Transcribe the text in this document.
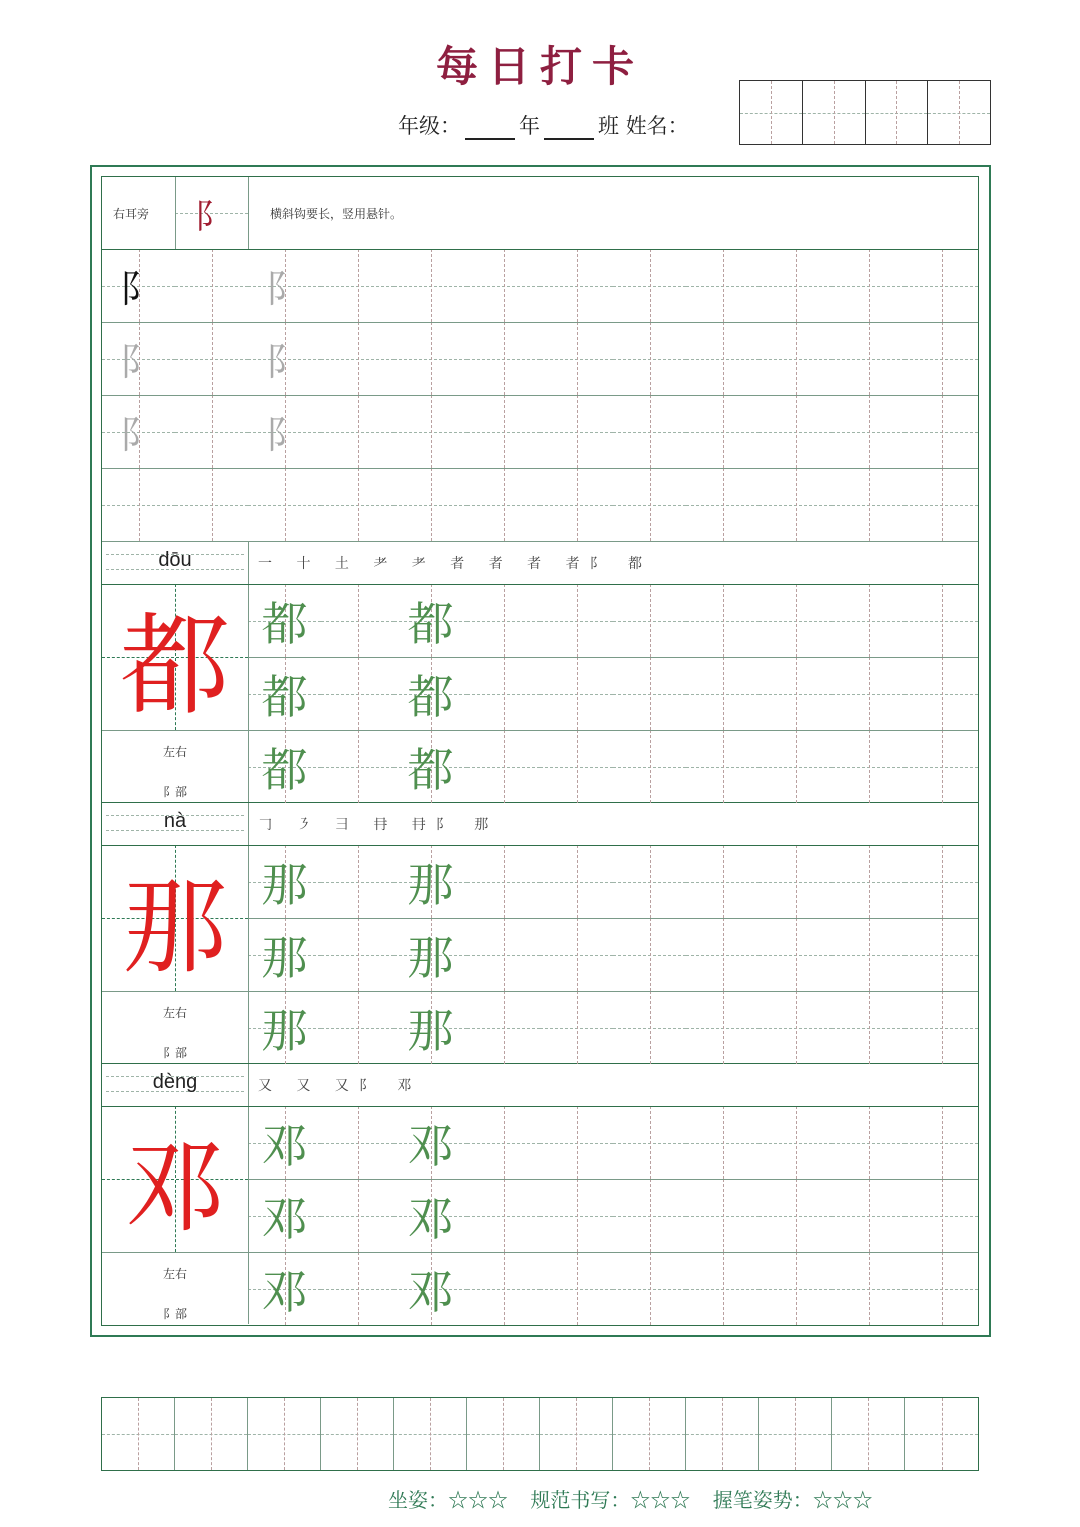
每日打卡
年级：	年	班 姓名：
右耳旁	阝	横斜钩要长，竖用悬针。
dōu	一 十 土 耂 耂 者 者 者 者阝 都
nà	𠃌 ㇋ 彐 冄 冄阝 那
dèng	又 又 又阝 邓
都
那
邓
左右
阝部
左右
阝部
左右
阝部
阝	阝
阝	阝
阝	阝
都 都
都 都
都 都
那 那
那 那
那 那
邓 邓
邓 邓
邓 邓
坐姿：☆☆☆ 规范书写：☆☆☆ 握笔姿势：☆☆☆
